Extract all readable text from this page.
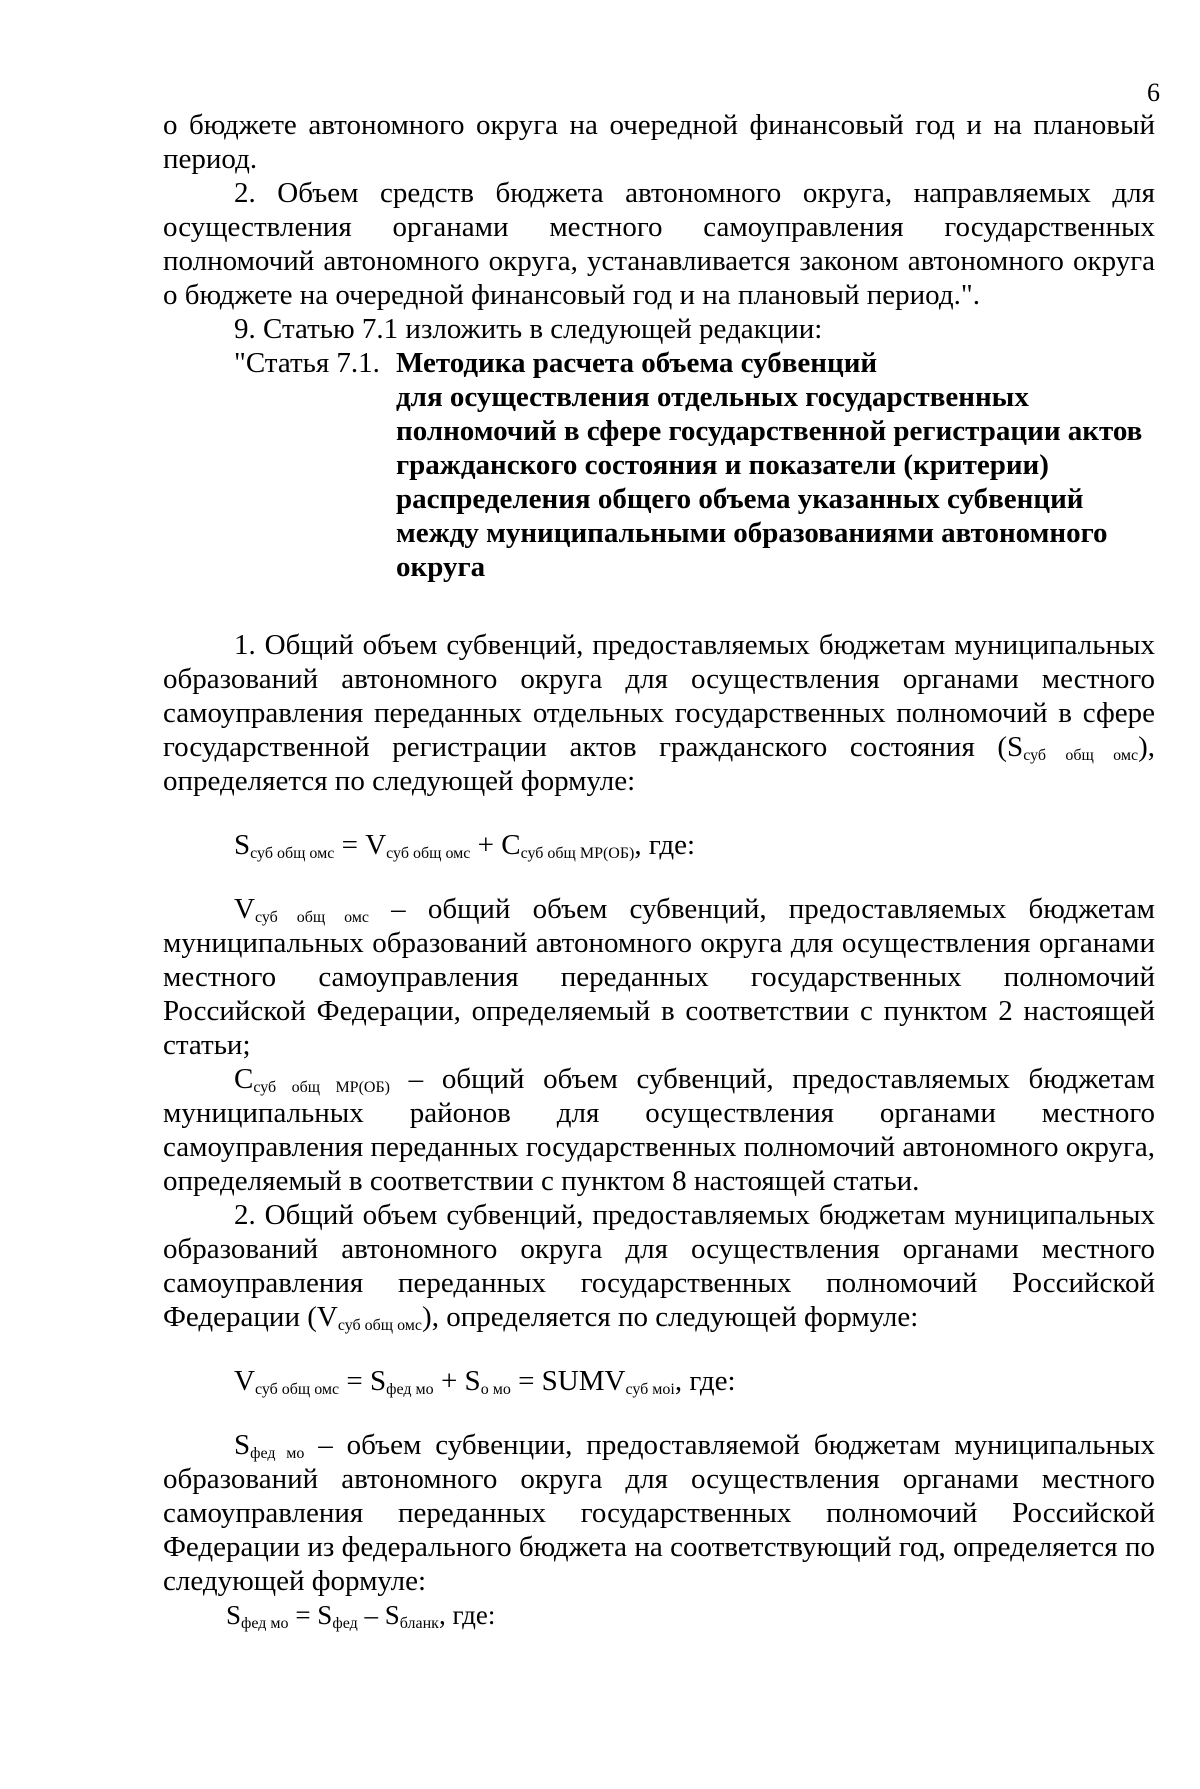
6

о бюджете автономного округа на очередной финансовый год и на плановый период.

2. Объем средств бюджета автономного округа, направляемых для осуществления органами местного самоуправления государственных полномочий автономного округа, устанавливается законом автономного округа о бюджете на очередной финансовый год и на плановый период.".

9. Статью 7.1 изложить в следующей редакции:

"Статья 7.1. Методика расчета объема субвенций
для осуществления отдельных государственных полномочий в сфере государственной регистрации актов гражданского состояния и показатели (критерии) распределения общего объема указанных субвенций между муниципальными образованиями автономного округа

1. Общий объем субвенций, предоставляемых бюджетам муниципальных образований автономного округа для осуществления органами местного самоуправления переданных отдельных государственных полномочий в сфере государственной регистрации актов гражданского состояния $(S_{суб общ омс})$, определяется по следующей формуле:

$S_{суб общ омс} = V_{суб общ омс} + C_{суб общ МР(ОБ)}$, где:

$V_{суб общ омс}$ – общий объем субвенций, предоставляемых бюджетам муниципальных образований автономного округа для осуществления органами местного самоуправления переданных государственных полномочий Российской Федерации, определяемый в соответствии с пунктом 2 настоящей статьи;

$C_{суб общ МР(ОБ)}$ – общий объем субвенций, предоставляемых бюджетам муниципальных районов для осуществления органами местного самоуправления переданных государственных полномочий автономного округа, определяемый в соответствии с пунктом 8 настоящей статьи.

2. Общий объем субвенций, предоставляемых бюджетам муниципальных образований автономного округа для осуществления органами местного самоуправления переданных государственных полномочий Российской Федерации $(V_{суб общ омс})$, определяется по следующей формуле:

$V_{суб общ омс} = S_{фед мо} + S_{о мо}$ = $SUMV_{суб моi}$, где:

$S_{фед мо}$ – объем субвенции, предоставляемой бюджетам муниципальных образований автономного округа для осуществления органами местного самоуправления переданных государственных полномочий Российской Федерации из федерального бюджета на соответствующий год, определяется по следующей формуле:

$S_{фед мо} = S_{фед} - S_{бланк}$, где:
